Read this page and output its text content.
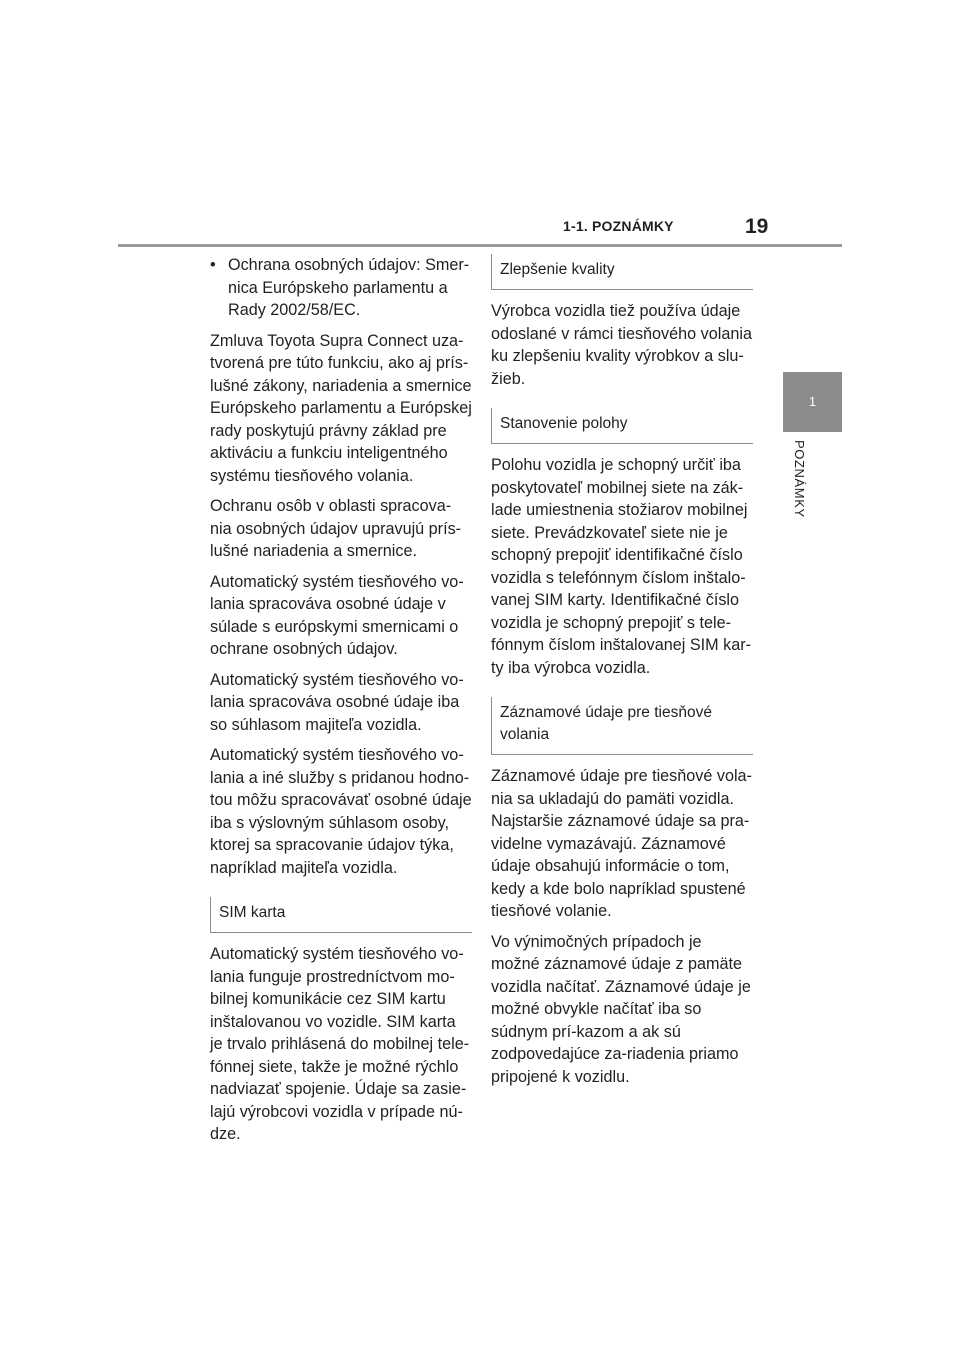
1-1. POZNÁMKY	19
1
POZNÁMKY
• Ochrana osobných údajov: Smer-nica Európskeho parlamentu a Rady 2002/58/EC.

Zmluva Toyota Supra Connect uza-tvorená pre túto funkciu, ako aj prís-lušné zákony, nariadenia a smernice Európskeho parlamentu a Európskej rady poskytujú právny základ pre aktiváciu a funkciu inteligentného systému tiesňového volania.

Ochranu osôb v oblasti spracova-nia osobných údajov upravujú prís-lušné nariadenia a smernice.

Automatický systém tiesňového vo-lania spracováva osobné údaje v súlade s európskymi smernicami o ochrane osobných údajov.

Automatický systém tiesňového vo-lania spracováva osobné údaje iba so súhlasom majiteľa vozidla.

Automatický systém tiesňového vo-lania a iné služby s pridanou hodno-tou môžu spracovávať osobné údaje iba s výslovným súhlasom osoby, ktorej sa spracovanie údajov týka, napríklad majiteľa vozidla.

SIM karta

Automatický systém tiesňového vo-lania funguje prostredníctvom mo-bilnej komunikácie cez SIM kartu inštalovanou vo vozidle. SIM karta je trvalo prihlásená do mobilnej tele-fónnej siete, takže je možné rýchlo nadviazať spojenie. Údaje sa zasie-lajú výrobcovi vozidla v prípade nú-dze.

Zlepšenie kvality

Výrobca vozidla tiež používa údaje odoslané v rámci tiesňového volania ku zlepšeniu kvality výrobkov a slu-žieb.

Stanovenie polohy

Polohu vozidla je schopný určiť iba poskytovateľ mobilnej siete na zák-lade umiestnenia stožiarov mobilnej siete. Prevádzkovateľ siete nie je schopný prepojiť identifikačné číslo vozidla s telefónnym číslom inštalo-vanej SIM karty. Identifikačné číslo vozidla je schopný prepojiť s tele-fónnym číslom inštalovanej SIM kar-ty iba výrobca vozidla.

Záznamové údaje pre tiesňové volania

Záznamové údaje pre tiesňové vola-nia sa ukladajú do pamäti vozidla. Najstaršie záznamové údaje sa pra-videlne vymazávajú. Záznamové údaje obsahujú informácie o tom, kedy a kde bolo napríklad spustené tiesňové volanie.

Vo výnimočných prípadoch je možné záznamové údaje z pamäte vozidla načítať. Záznamové údaje je možné obvykle načítať iba so súdnym prí-kazom a ak sú zodpovedajúce za-riadenia priamo pripojené k vozidlu.
